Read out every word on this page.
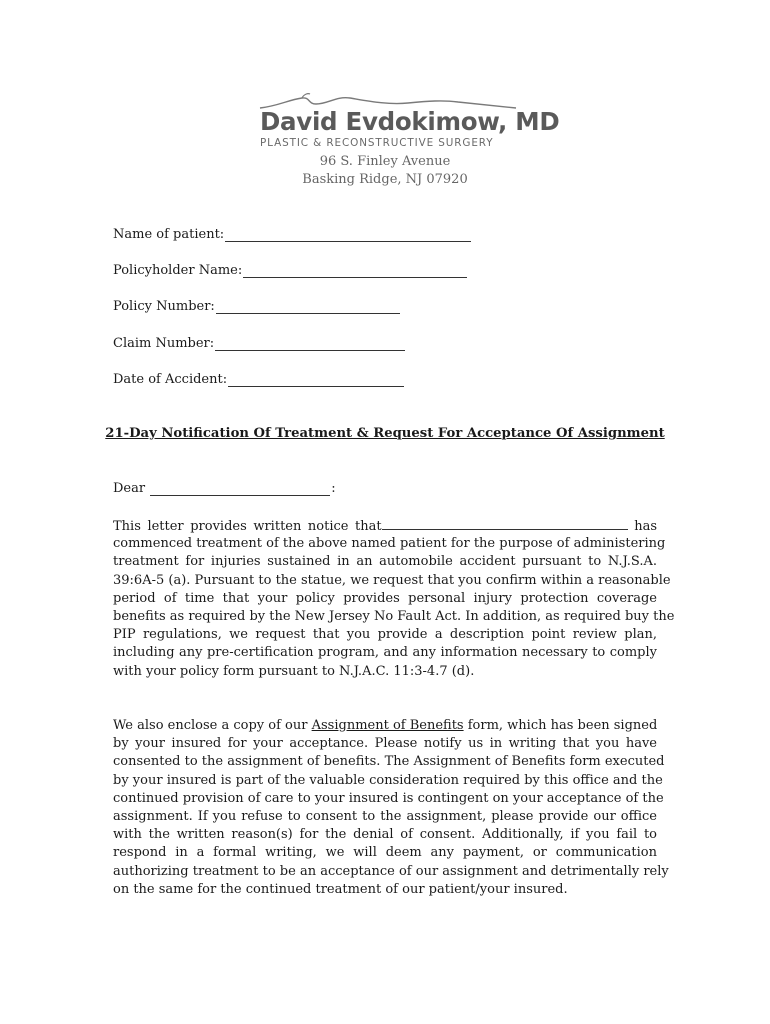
David Evdokimow, MD
PLASTIC & RECONSTRUCTIVE SURGERY
96 S. Finley Avenue
Basking Ridge, NJ 07920
Name of patient:
Policyholder Name:
Policy Number:
Claim Number:
Date of Accident:
21-Day Notification Of Treatment & Request For Acceptance Of Assignment
Dear
	:
This letter provides written notice that	has
commenced treatment of the above named patient for the purpose of administering
treatment for injuries sustained in an automobile accident pursuant to N.J.S.A.
39:6A-5 (a). Pursuant to the statue, we request that you confirm within a reasonable
period of time that your policy provides personal injury protection coverage
benefits as required by the New Jersey No Fault Act. In addition, as required buy the
PIP regulations, we request that you provide a description point review plan,
including any pre-certification program, and any information necessary to comply
with your policy form pursuant to N.J.A.C. 11:3-4.7 (d).
We also enclose a copy of our Assignment of Benefits form, which has been signed
by your insured for your acceptance. Please notify us in writing that you have
consented to the assignment of benefits. The Assignment of Benefits form executed
by your insured is part of the valuable consideration required by this office and the
continued provision of care to your insured is contingent on your acceptance of the
assignment. If you refuse to consent to the assignment, please provide our office
with the written reason(s) for the denial of consent. Additionally, if you fail to
respond in a formal writing, we will deem any payment, or communication
authorizing treatment to be an acceptance of our assignment and detrimentally rely
on the same for the continued treatment of our patient/your insured.
